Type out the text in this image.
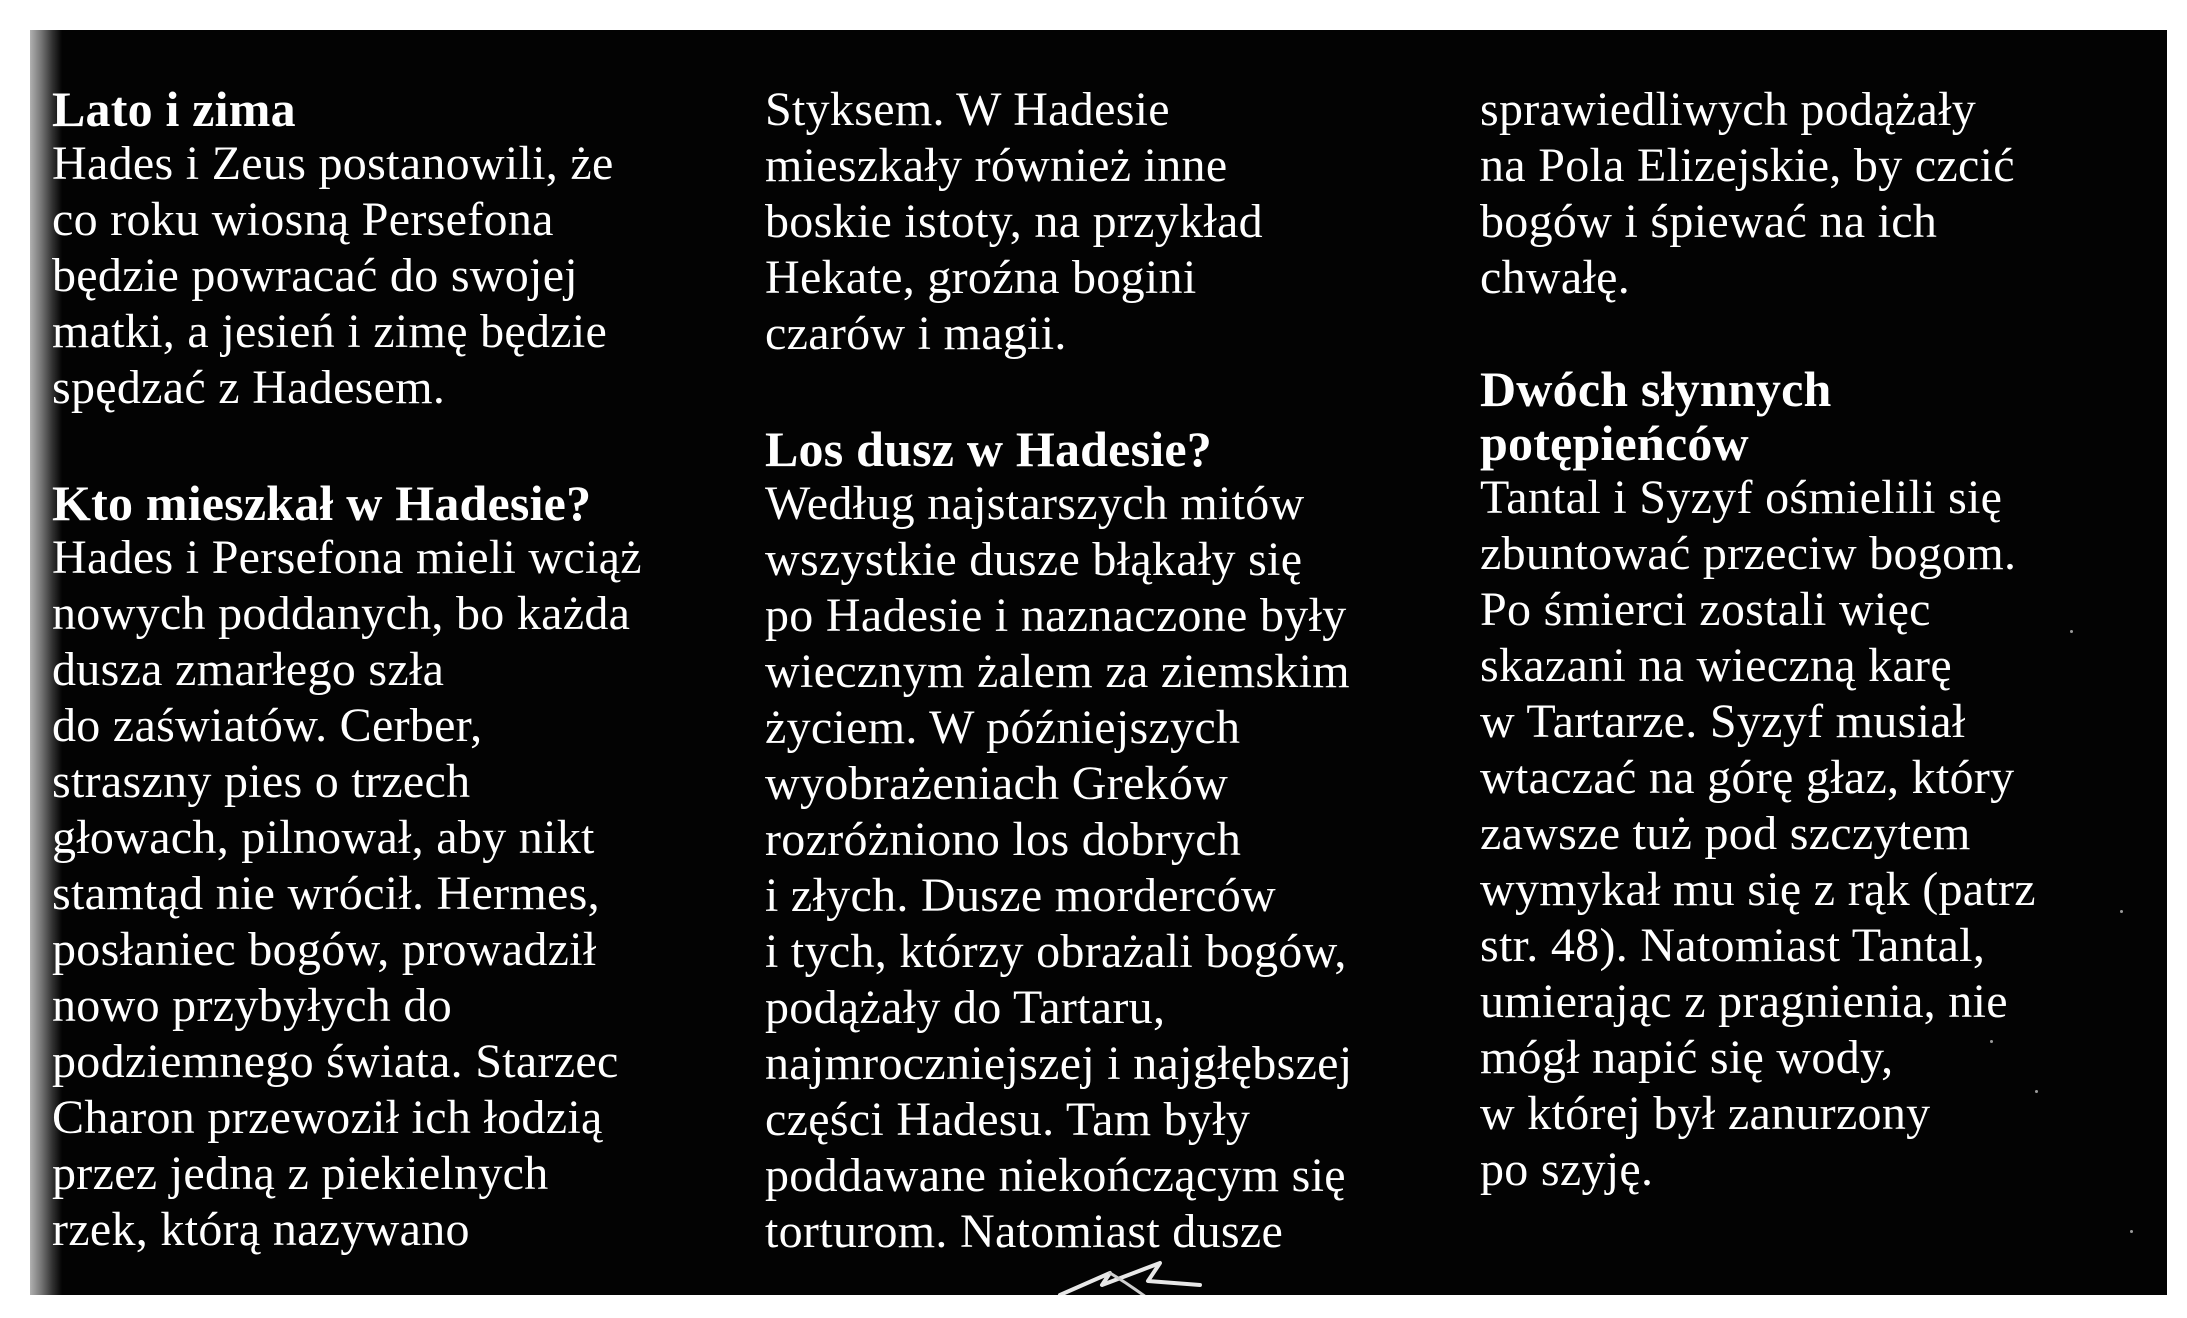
Lato i zima
Hades i Zeus postanowili, że
co roku wiosną Persefona
będzie powracać do swojej
matki, a jesień i zimę będzie
spędzać z Hadesem.
Kto mieszkał w Hadesie?
Hades i Persefona mieli wciąż
nowych poddanych, bo każda
dusza zmarłego szła
do zaświatów. Cerber,
straszny pies o trzech
głowach, pilnował, aby nikt
stamtąd nie wrócił. Hermes,
posłaniec bogów, prowadził
nowo przybyłych do
podziemnego świata. Starzec
Charon przewoził ich łodzią
przez jedną z piekielnych
rzek, którą nazywano
Styksem. W Hadesie
mieszkały również inne
boskie istoty, na przykład
Hekate, groźna bogini
czarów i magii.
Los dusz w Hadesie?
Według najstarszych mitów
wszystkie dusze błąkały się
po Hadesie i naznaczone były
wiecznym żalem za ziemskim
życiem. W późniejszych
wyobrażeniach Greków
rozróżniono los dobrych
i złych. Dusze morderców
i tych, którzy obrażali bogów,
podążały do Tartaru,
najmroczniejszej i najgłębszej
części Hadesu. Tam były
poddawane niekończącym się
torturom. Natomiast dusze
sprawiedliwych podążały
na Pola Elizejskie, by czcić
bogów i śpiewać na ich
chwałę.
Dwóch słynnych
potępieńców
Tantal i Syzyf ośmielili się
zbuntować przeciw bogom.
Po śmierci zostali więc
skazani na wieczną karę
w Tartarze. Syzyf musiał
wtaczać na górę głaz, który
zawsze tuż pod szczytem
wymykał mu się z rąk (patrz
str. 48). Natomiast Tantal,
umierając z pragnienia, nie
mógł napić się wody,
w której był zanurzony
po szyję.
